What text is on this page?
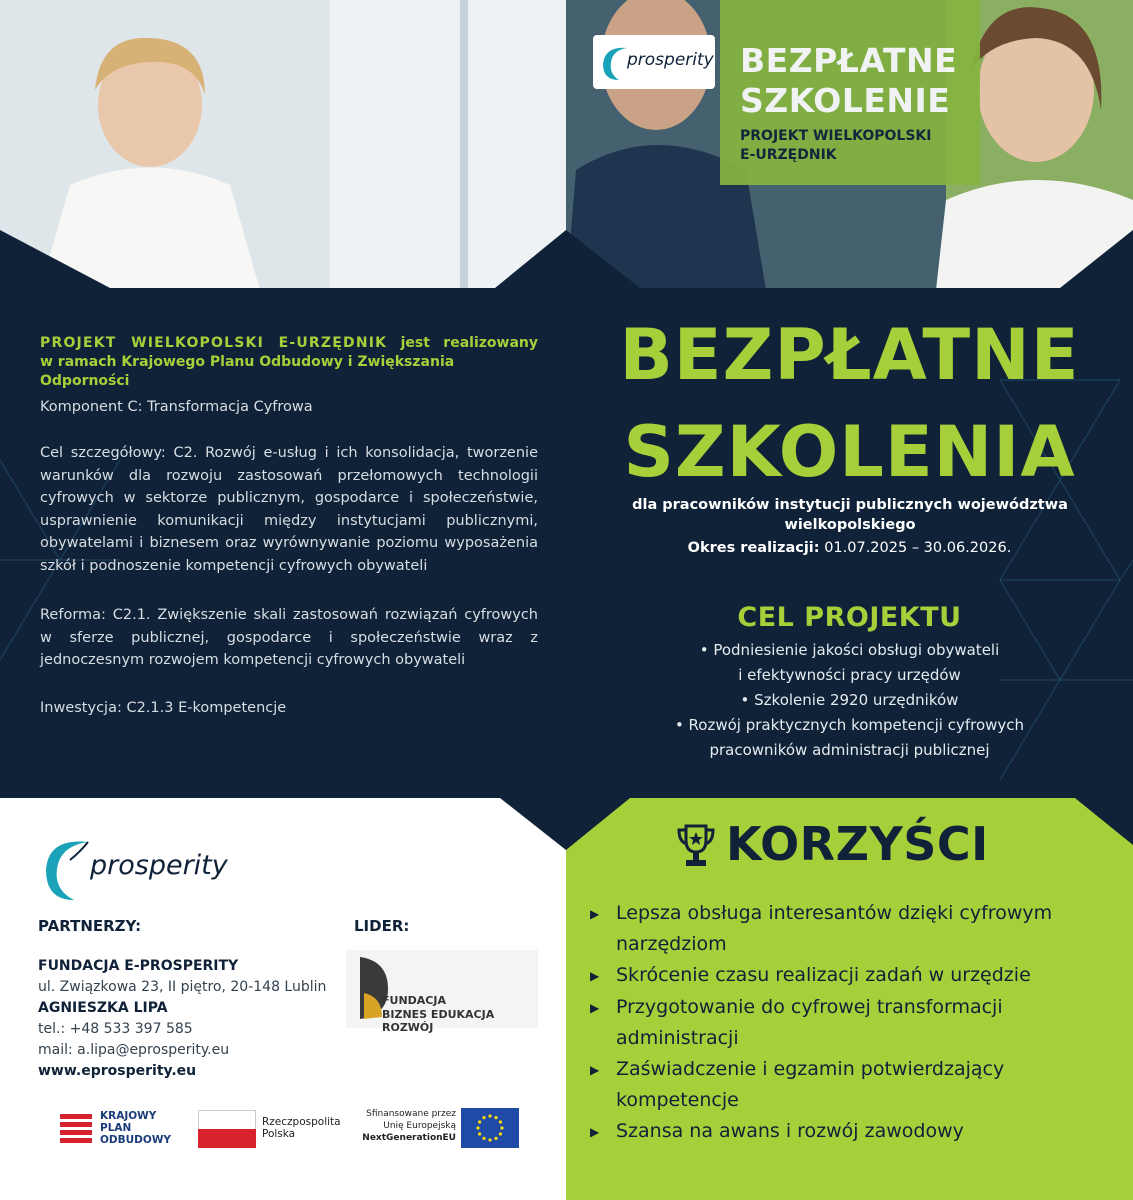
BEZPŁATNE
SZKOLENIE
PROJEKT WIELKOPOLSKI
E-URZĘDNIK
prosperity
PROJEKT WIELKOPOLSKI E-URZĘDNIK jest realizowany
w ramach Krajowego Planu Odbudowy i Zwiększania Odporności
Komponent C: Transformacja Cyfrowa
Cel szczegółowy: C2. Rozwój e-usług i ich konsolidacja, tworzenie warunków dla rozwoju zastosowań przełomowych technologii cyfrowych w sektorze publicznym, gospodarce i społeczeństwie, usprawnienie komunikacji między instytucjami publicznymi, obywatelami i biznesem oraz wyrównywanie poziomu wyposażenia szkół i podnoszenie kompetencji cyfrowych obywateli
Reforma: C2.1. Zwiększenie skali zastosowań rozwiązań cyfrowych w sferze publicznej, gospodarce i społeczeństwie wraz z jednoczesnym rozwojem kompetencji cyfrowych obywateli
Inwestycja: C2.1.3 E-kompetencje
BEZPŁATNE
SZKOLENIA
dla pracowników instytucji publicznych województwa wielkopolskiego
Okres realizacji: 01.07.2025 – 30.06.2026.
CEL PROJEKTU
• Podniesienie jakości obsługi obywateli
i efektywności pracy urzędów
• Szkolenie 2920 urzędników
• Rozwój praktycznych kompetencji cyfrowych
pracowników administracji publicznej
KORZYŚCI
▶ Lepsza obsługa interesantów dzięki cyfrowym narzędziom
▶ Skrócenie czasu realizacji zadań w urzędzie
▶ Przygotowanie do cyfrowej transformacji administracji
▶ Zaświadczenie i egzamin potwierdzający kompetencje
▶ Szansa na awans i rozwój zawodowy
prosperity
PARTNERZY:	LIDER:
FUNDACJA E-PROSPERITY
ul. Związkowa 23, II piętro, 20-148 Lublin
AGNIESZKA LIPA
tel.: +48 533 397 585
mail: a.lipa@eprosperity.eu
www.eprosperity.eu
FUNDACJA
BIZNES EDUKACJA ROZWÓJ
KRAJOWY
PLAN
ODBUDOWY
Rzeczpospolita
Polska
Sfinansowane przez
Unię Europejską
NextGenerationEU
